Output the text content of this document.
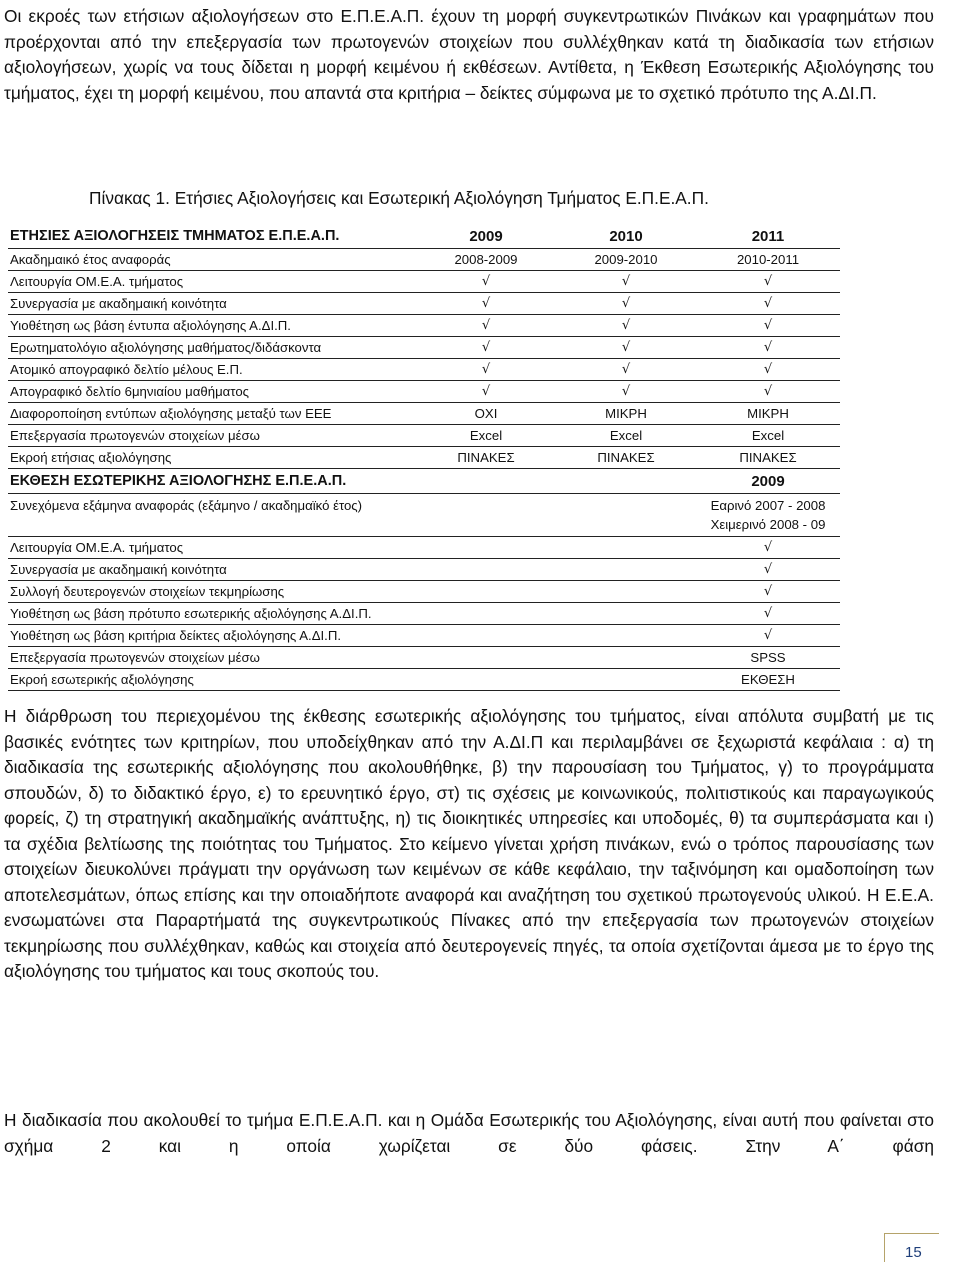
Οι εκροές των ετήσιων αξιολογήσεων στο Ε.Π.Ε.Α.Π. έχουν τη μορφή συγκεντρωτικών Πινάκων και γραφημάτων που προέρχονται από την επεξεργασία των πρωτογενών στοιχείων που συλλέχθηκαν κατά τη διαδικασία των ετήσιων αξιολογήσεων, χωρίς να τους δίδεται η μορφή κειμένου ή εκθέσεων. Αντίθετα, η Έκθεση Εσωτερικής Αξιολόγησης του τμήματος, έχει τη μορφή κειμένου, που απαντά στα κριτήρια – δείκτες σύμφωνα με το σχετικό πρότυπο της Α.ΔΙ.Π.

Πίνακας 1. Ετήσιες Αξιολογήσεις και Εσωτερική Αξιολόγηση Τμήματος Ε.Π.Ε.Α.Π.
ΕΤΗΣΙΕΣ ΑΞΙΟΛΟΓΗΣΕΙΣ ΤΜΗΜΑΤΟΣ Ε.Π.Ε.Α.Π.	2009	2010	2011
Ακαδημαικό έτος αναφοράς	2008-2009	2009-2010	2010-2011
Λειτουργία ΟΜ.Ε.Α. τμήματος	√	√	√
Συνεργασία με ακαδημαική κοινότητα	√	√	√
Υιοθέτηση ως βάση έντυπα αξιολόγησης Α.ΔΙ.Π.	√	√	√
Ερωτηματολόγιο αξιολόγησης μαθήματος/διδάσκοντα	√	√	√
Ατομικό απογραφικό δελτίο μέλους Ε.Π.	√	√	√
Απογραφικό δελτίο 6μηνιαίου μαθήματος	√	√	√
Διαφοροποίηση εντύπων αξιολόγησης μεταξύ των ΕΕΕ	ΟΧΙ	ΜΙΚΡΗ	ΜΙΚΡΗ
Επεξεργασία πρωτογενών στοιχείων μέσω	Excel	Excel	Excel
Εκροή ετήσιας αξιολόγησης	ΠΙΝΑΚΕΣ	ΠΙΝΑΚΕΣ	ΠΙΝΑΚΕΣ
ΕΚΘΕΣΗ ΕΣΩΤΕΡΙΚΗΣ ΑΞΙΟΛΟΓΗΣΗΣ Ε.Π.Ε.Α.Π.			2009
Συνεχόμενα εξάμηνα αναφοράς (εξάμηνο / ακαδημαϊκό έτος)			Εαρινό 2007 - 2008
Χειμερινό 2008 - 09

Λειτουργία ΟΜ.Ε.Α. τμήματος			√
Συνεργασία με ακαδημαική κοινότητα			√
Συλλογή δευτερογενών στοιχείων τεκμηρίωσης			√
Υιοθέτηση ως βάση πρότυπο εσωτερικής αξιολόγησης Α.ΔΙ.Π.			√
Υιοθέτηση ως βάση κριτήρια δείκτες αξιολόγησης Α.ΔΙ.Π.			√
Επεξεργασία πρωτογενών στοιχείων μέσω			SPSS
Εκροή εσωτερικής αξιολόγησης			ΕΚΘΕΣΗ

Η διάρθρωση του περιεχομένου της έκθεσης εσωτερικής αξιολόγησης του τμήματος, είναι απόλυτα συμβατή με τις βασικές ενότητες των κριτηρίων, που υποδείχθηκαν από την Α.ΔΙ.Π και περιλαμβάνει σε ξεχωριστά κεφάλαια : α) τη διαδικασία της εσωτερικής αξιολόγησης που ακολουθήθηκε, β) την παρουσίαση του Τμήματος, γ) το προγράμματα σπουδών, δ) το διδακτικό έργο, ε) το ερευνητικό έργο, στ) τις σχέσεις με κοινωνικούς, πολιτιστικούς και παραγωγικούς φορείς, ζ) τη στρατηγική ακαδημαϊκής ανάπτυξης, η) τις διοικητικές υπηρεσίες και υποδομές, θ) τα συμπεράσματα και ι) τα σχέδια βελτίωσης της ποιότητας του Τμήματος. Στο κείμενο γίνεται χρήση πινάκων, ενώ ο τρόπος παρουσίασης των στοιχείων διευκολύνει πράγματι την οργάνωση των κειμένων σε κάθε κεφάλαιο, την ταξινόμηση και ομαδοποίηση των αποτελεσμάτων, όπως επίσης και την οποιαδήποτε αναφορά και αναζήτηση του σχετικού πρωτογενούς υλικού. Η Ε.Ε.Α. ενσωματώνει στα Παραρτήματά της συγκεντρωτικούς Πίνακες από την επεξεργασία των πρωτογενών στοιχείων τεκμηρίωσης που συλλέχθηκαν, καθώς και στοιχεία από δευτερογενείς πηγές, τα οποία σχετίζονται άμεσα με το έργο της αξιολόγησης του τμήματος και τους σκοπούς του.

Η διαδικασία που ακολουθεί το τμήμα Ε.Π.Ε.Α.Π. και η Ομάδα Εσωτερικής του Αξιολόγησης, είναι αυτή που φαίνεται στο σχήμα 2 και η οποία χωρίζεται σε δύο φάσεις. Στην Α΄ φάση

15
